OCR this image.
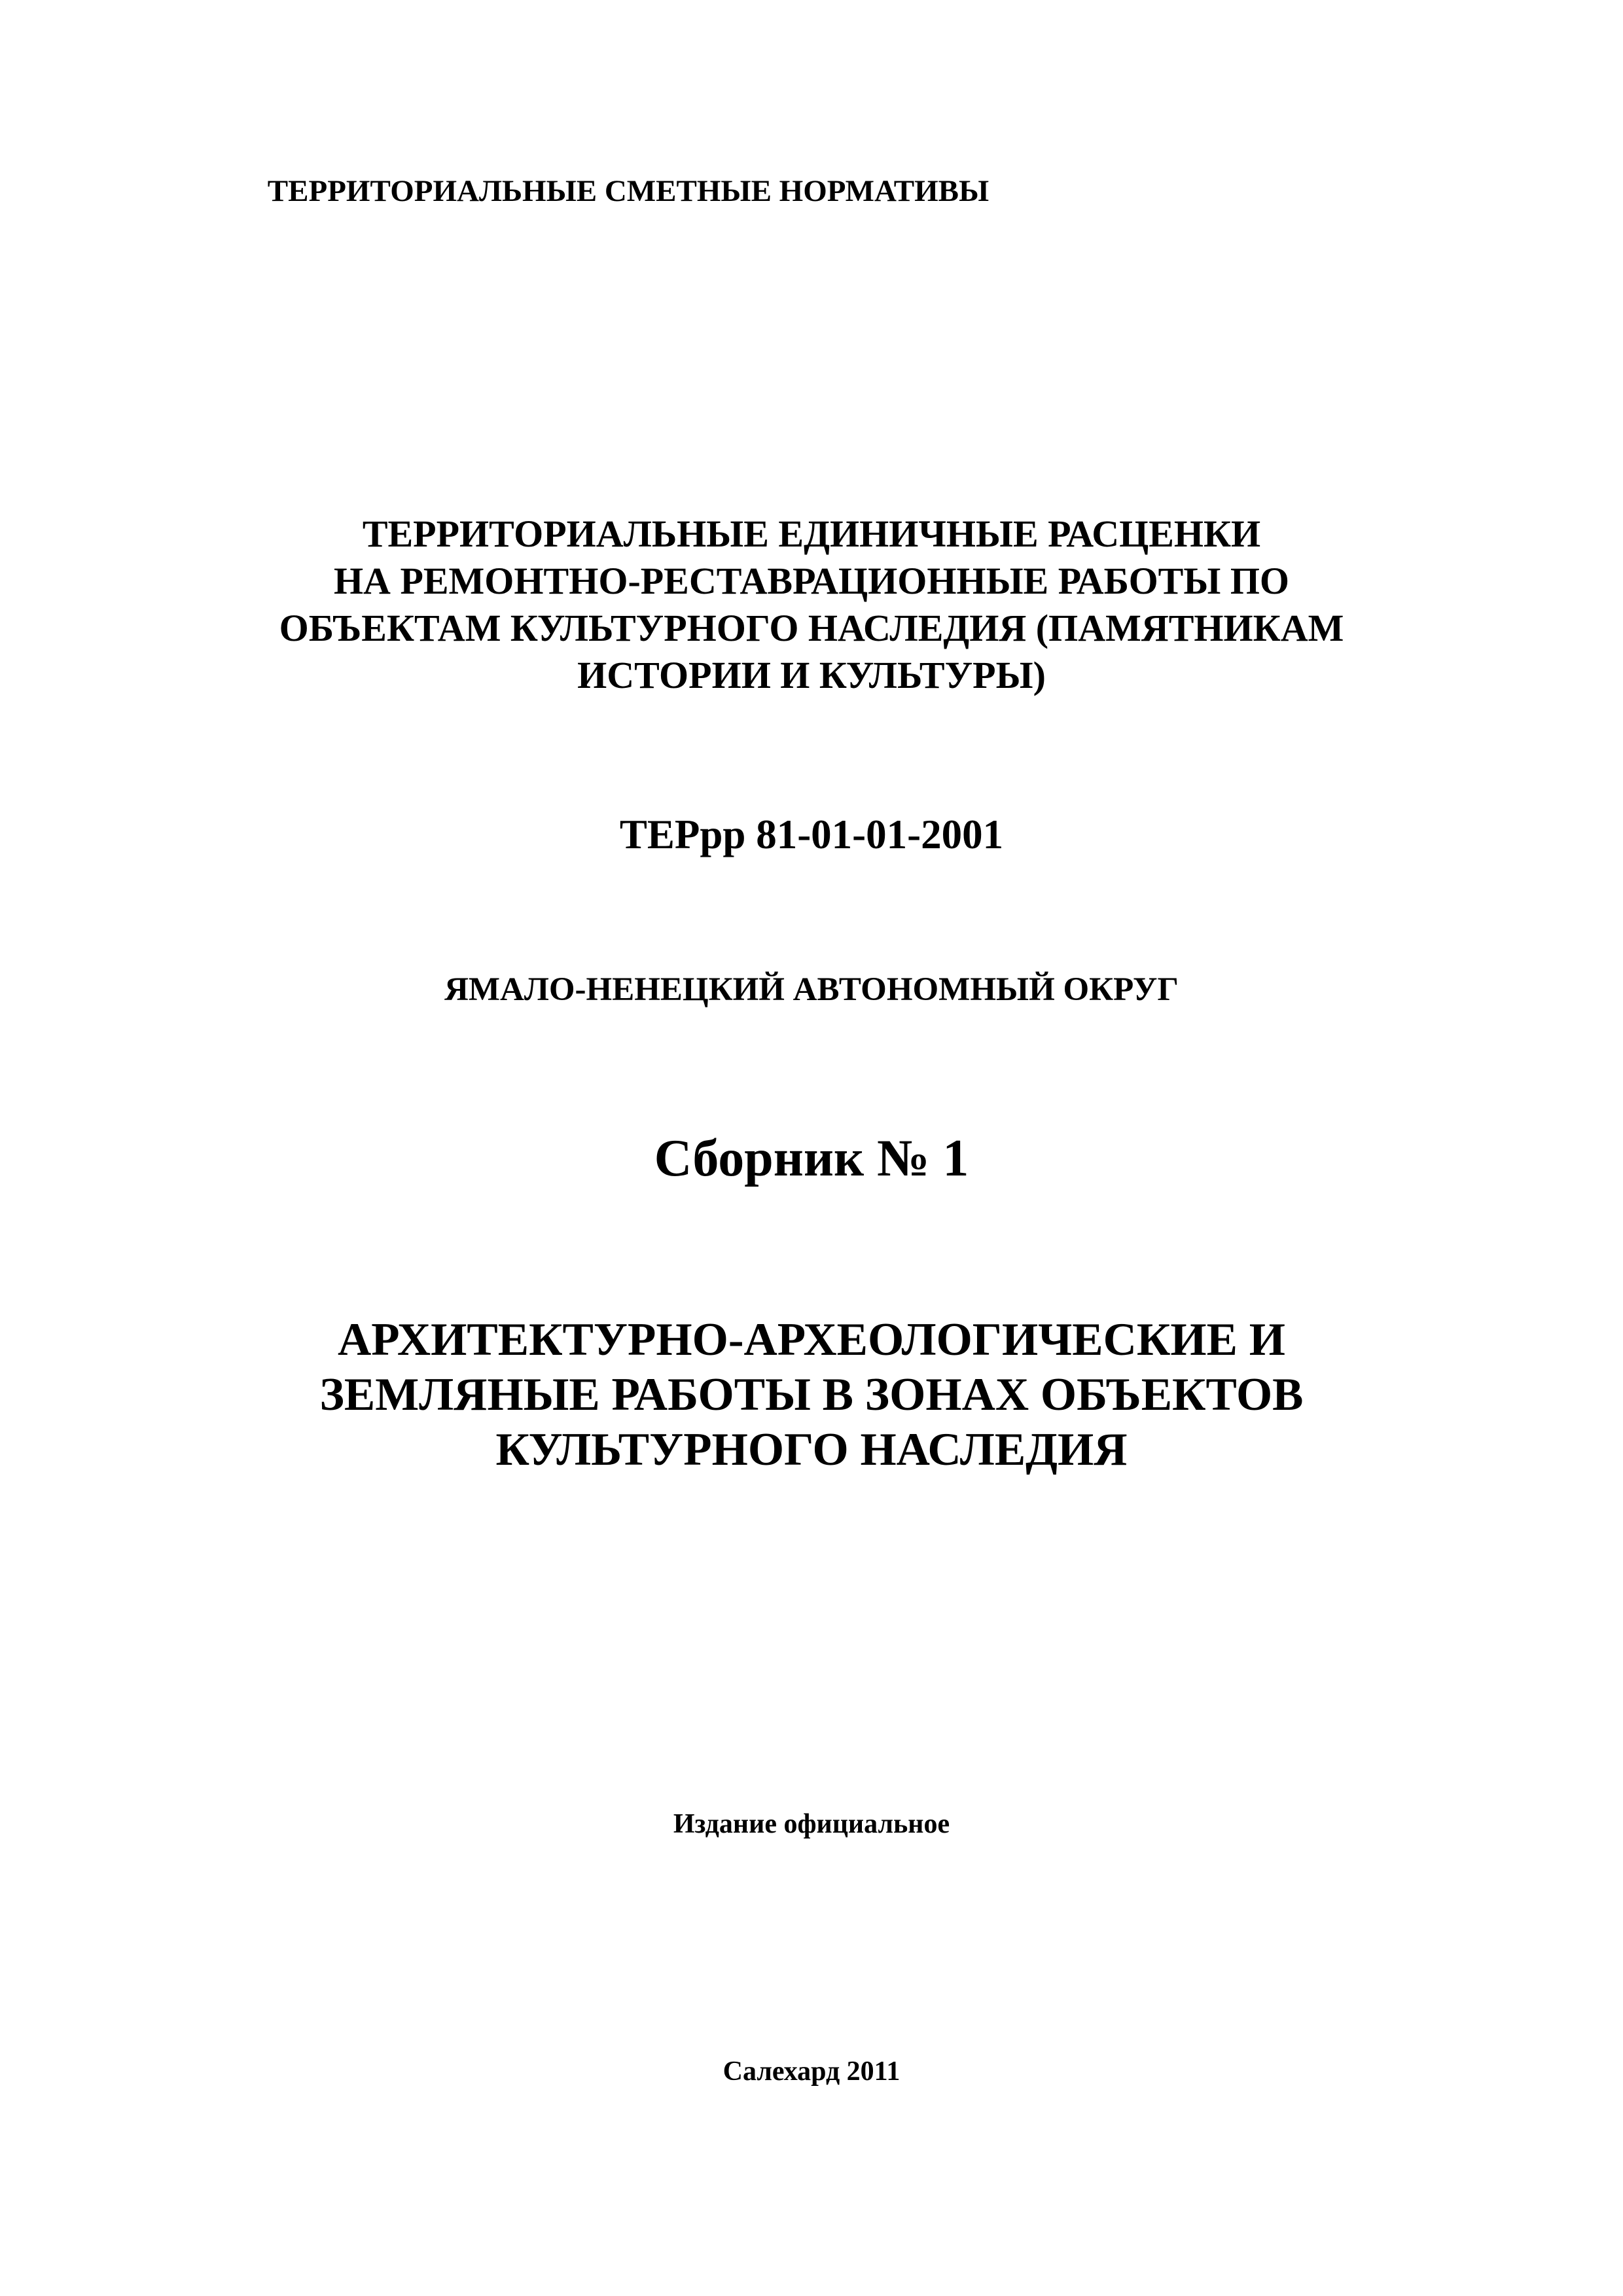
ТЕРРИТОРИАЛЬНЫЕ СМЕТНЫЕ НОРМАТИВЫ
ТЕРРИТОРИАЛЬНЫЕ ЕДИНИЧНЫЕ РАСЦЕНКИ
НА РЕМОНТНО-РЕСТАВРАЦИОННЫЕ РАБОТЫ ПО
ОБЪЕКТАМ КУЛЬТУРНОГО НАСЛЕДИЯ (ПАМЯТНИКАМ
ИСТОРИИ И КУЛЬТУРЫ)
ТЕРрр 81-01-01-2001
ЯМАЛО-НЕНЕЦКИЙ АВТОНОМНЫЙ ОКРУГ
Сборник № 1
АРХИТЕКТУРНО-АРХЕОЛОГИЧЕСКИЕ И
ЗЕМЛЯНЫЕ РАБОТЫ В ЗОНАХ ОБЪЕКТОВ
КУЛЬТУРНОГО НАСЛЕДИЯ
Издание официальное
Салехард 2011
